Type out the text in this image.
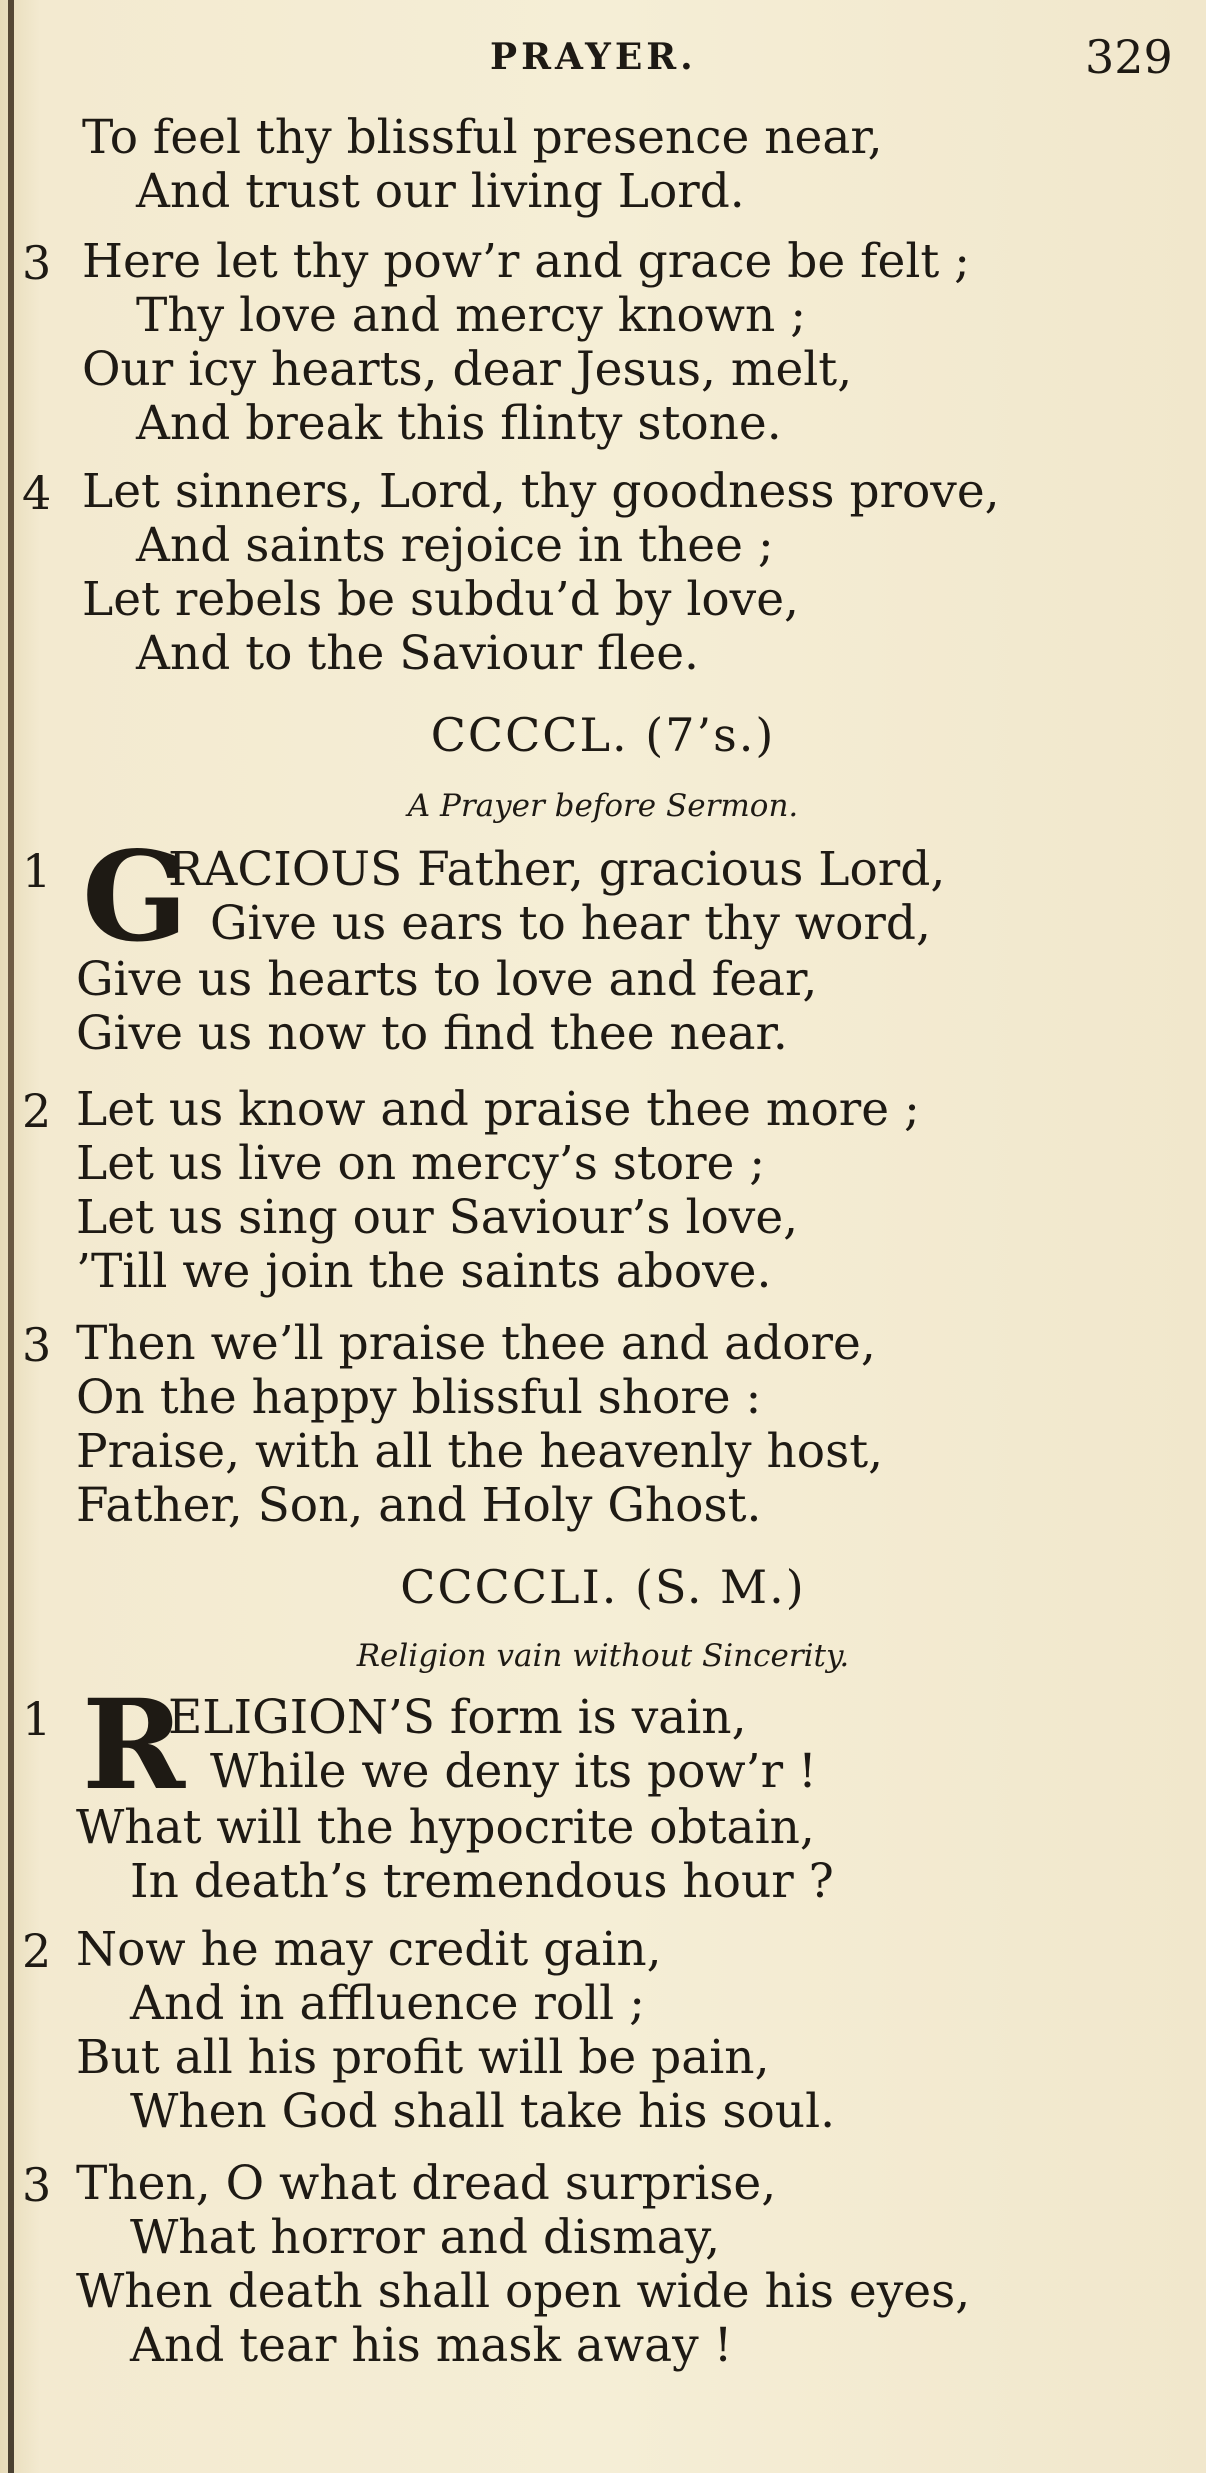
PRAYER.	329
To feel thy blissful presence near,
And trust our living Lord.
3 Here let thy pow’r and grace be felt ;
Thy love and mercy known ;
Our icy hearts, dear Jesus, melt,
And break this flinty stone.
4 Let sinners, Lord, thy goodness prove,
And saints rejoice in thee ;
Let rebels be subdu’d by love,
And to the Saviour flee.
CCCCL. (7’s.)
A Prayer before Sermon.
1 G
RACIOUS Father, gracious Lord,
Give us ears to hear thy word,
Give us hearts to love and fear,
Give us now to find thee near.
2 Let us know and praise thee more ;
Let us live on mercy’s store ;
Let us sing our Saviour’s love,
’Till we join the saints above.
3 Then we’ll praise thee and adore,
On the happy blissful shore :
Praise, with all the heavenly host,
Father, Son, and Holy Ghost.
CCCCLI. (S. M.)
Religion vain without Sincerity.
1 R
ELIGION’S form is vain,
While we deny its pow’r !
What will the hypocrite obtain,
In death’s tremendous hour ?
2 Now he may credit gain,
And in affluence roll ;
But all his profit will be pain,
When God shall take his soul.
3 Then, O what dread surprise,
What horror and dismay,
When death shall open wide his eyes,
And tear his mask away !
